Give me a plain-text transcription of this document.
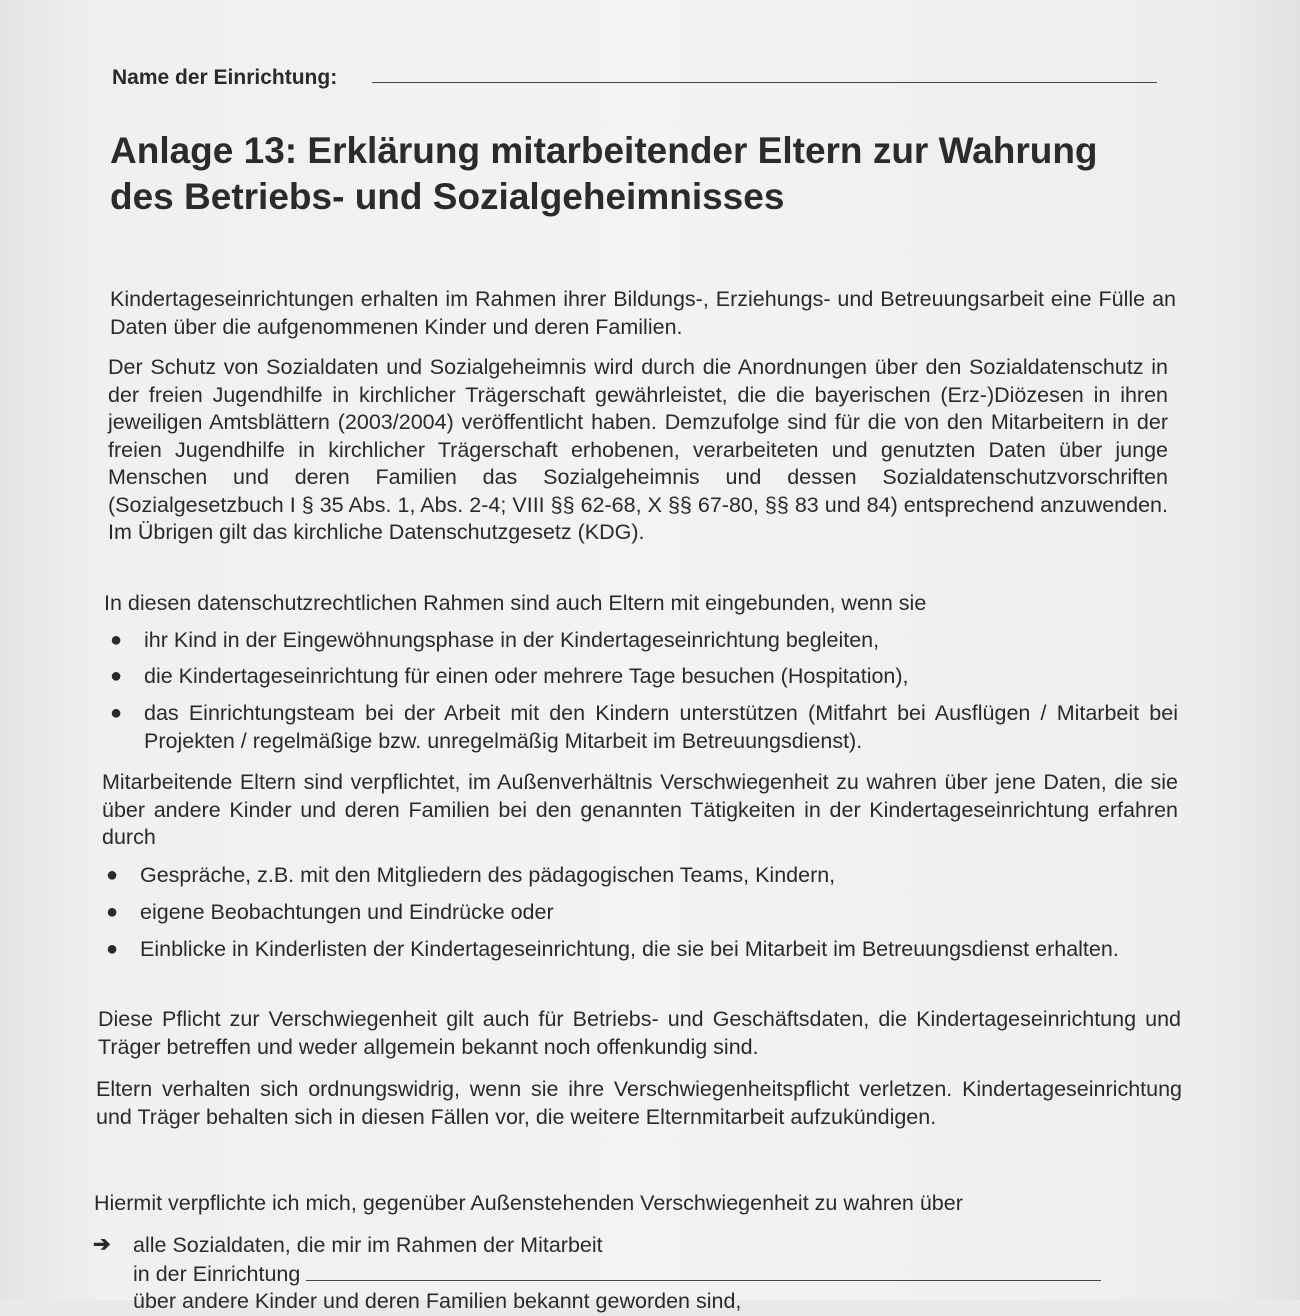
Name der Einrichtung:
Anlage 13: Erklärung mitarbeitender Eltern zur Wahrung
des Betriebs- und Sozialgeheimnisses

Kindertageseinrichtungen erhalten im Rahmen ihrer Bildungs-, Erziehungs- und Betreuungsarbeit eine Fülle an Daten über die aufgenommenen Kinder und deren Familien.

Der Schutz von Sozialdaten und Sozialgeheimnis wird durch die Anordnungen über den Sozialdatenschutz in der freien Jugendhilfe in kirchlicher Trägerschaft gewährleistet, die die bayerischen (Erz-)Diözesen in ihren jeweiligen Amtsblättern (2003/2004) veröffentlicht haben. Demzufolge sind für die von den Mitarbeitern in der freien Jugendhilfe in kirchlicher Trägerschaft erhobenen, verarbeiteten und genutzten Daten über junge Menschen und deren Familien das Sozialgeheimnis und dessen Sozialdatenschutzvorschriften (Sozialgesetzbuch I § 35 Abs. 1, Abs. 2-4; VIII §§ 62-68, X §§ 67-80, §§ 83 und 84) entsprechend anzuwenden. Im Übrigen gilt das kirchliche Datenschutzgesetz (KDG).

In diesen datenschutzrechtlichen Rahmen sind auch Eltern mit eingebunden, wenn sie

● ihr Kind in der Eingewöhnungsphase in der Kindertageseinrichtung begleiten,
● die Kindertageseinrichtung für einen oder mehrere Tage besuchen (Hospitation),
● das Einrichtungsteam bei der Arbeit mit den Kindern unterstützen (Mitfahrt bei Ausflügen / Mitarbeit bei Projekten / regelmäßige bzw. unregelmäßig Mitarbeit im Betreuungsdienst).

Mitarbeitende Eltern sind verpflichtet, im Außenverhältnis Verschwiegenheit zu wahren über jene Daten, die sie über andere Kinder und deren Familien bei den genannten Tätigkeiten in der Kindertageseinrichtung erfahren durch

● Gespräche, z.B. mit den Mitgliedern des pädagogischen Teams, Kindern,
● eigene Beobachtungen und Eindrücke oder
● Einblicke in Kinderlisten der Kindertageseinrichtung, die sie bei Mitarbeit im Betreuungsdienst erhalten.

Diese Pflicht zur Verschwiegenheit gilt auch für Betriebs- und Geschäftsdaten, die Kindertageseinrichtung und Träger betreffen und weder allgemein bekannt noch offenkundig sind.

Eltern verhalten sich ordnungswidrig, wenn sie ihre Verschwiegenheitspflicht verletzen. Kindertageseinrichtung und Träger behalten sich in diesen Fällen vor, die weitere Elternmitarbeit aufzukündigen.

Hiermit verpflichte ich mich, gegenüber Außenstehenden Verschwiegenheit zu wahren über

➔ alle Sozialdaten, die mir im Rahmen der Mitarbeit
in der Einrichtung
über andere Kinder und deren Familien bekannt geworden sind,
